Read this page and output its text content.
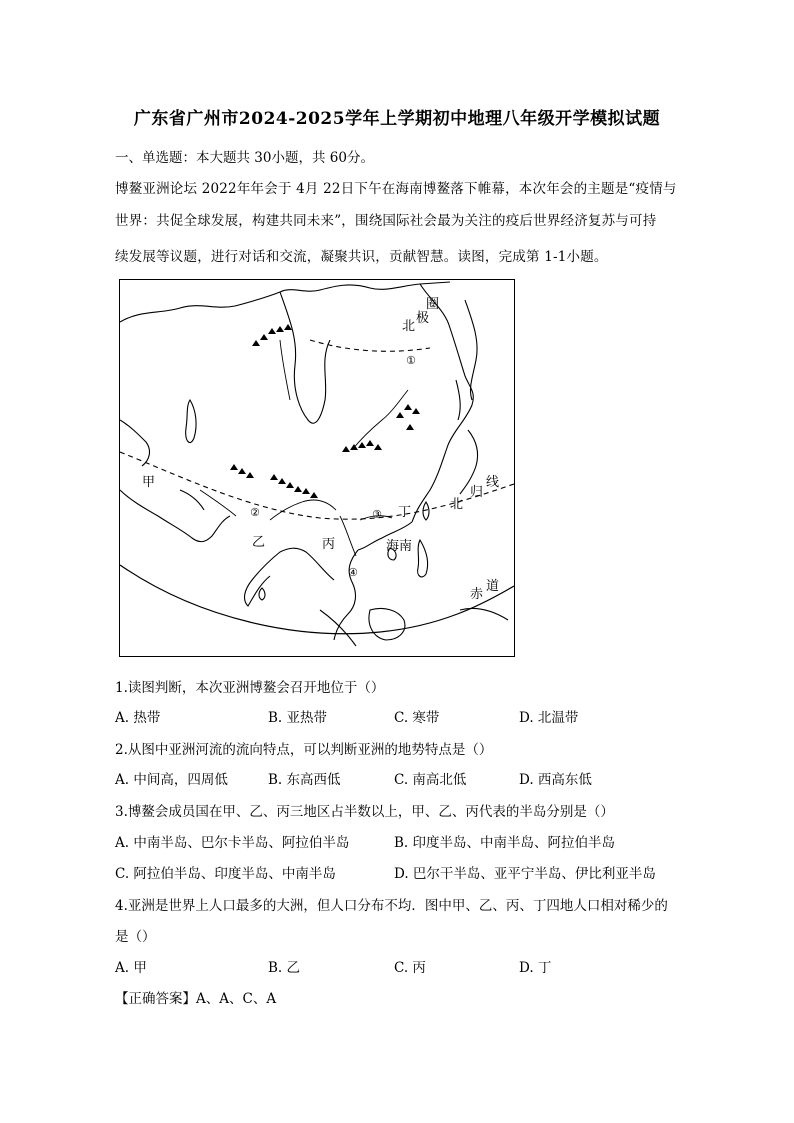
广东省广州市2024-2025学年上学期初中地理八年级开学模拟试题
一、单选题：本大题共 30小题，共 60分。
博鳌亚洲论坛 2022年年会于 4月 22日下午在海南博鳌落下帷幕，本次年会的主题是“疫情与
世界：共促全球发展，构建共同未来”，围绕国际社会最为关注的疫后世界经济复苏与可持
续发展等议题，进行对话和交流，凝聚共识，贡献智慧。读图，完成第 1-1小题。
圈
极
北
①
甲
②
乙	丙
③ 丁
海南
④
线
归
北
道
赤
1.读图判断，本次亚洲博鳌会召开地位于（）
A. 热带	B. 亚热带	C. 寒带	D. 北温带
2.从图中亚洲河流的流向特点，可以判断亚洲的地势特点是（）
A. 中间高，四周低	B. 东高西低	C. 南高北低	D. 西高东低
3.博鳌会成员国在甲、乙、丙三地区占半数以上，甲、乙、丙代表的半岛分别是（）
A. 中南半岛、巴尔卡半岛、阿拉伯半岛	B. 印度半岛、中南半岛、阿拉伯半岛
C. 阿拉伯半岛、印度半岛、中南半岛	D. 巴尔干半岛、亚平宁半岛、伊比利亚半岛
4.亚洲是世界上人口最多的大洲，但人口分布不均．图中甲、乙、丙、丁四地人口相对稀少的
是（）
A. 甲	B. 乙	C. 丙	D. 丁
【正确答案】A、A、C、A
